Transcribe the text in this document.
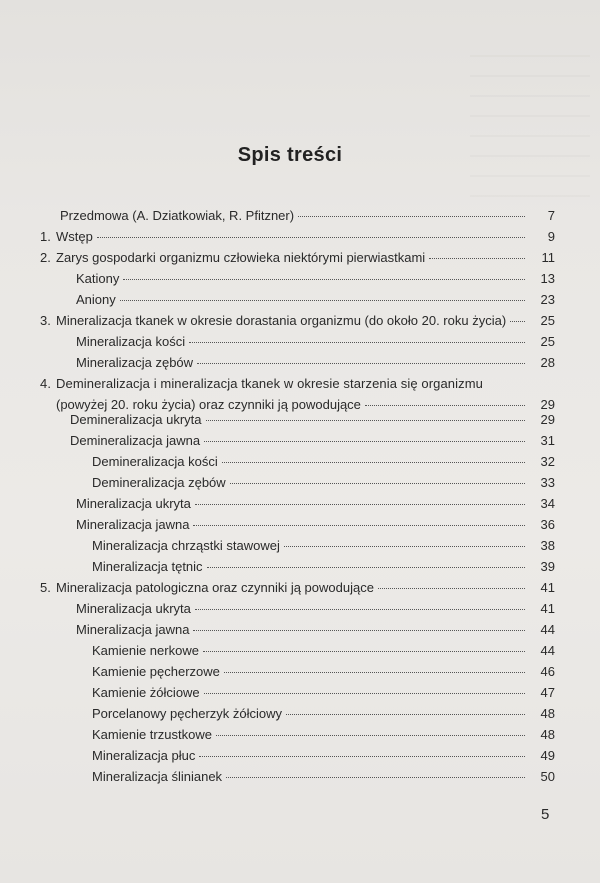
Spis treści
Przedmowa (A. Dziatkowiak, R. Pfitzner)	7
1. Wstęp	9
2. Zarys gospodarki organizmu człowieka niektórymi pierwiastkami	11
Kationy	13
Aniony	23
3. Mineralizacja tkanek w okresie dorastania organizmu (do około 20. roku życia)	25
Mineralizacja kości	25
Mineralizacja zębów	28
4. Demineralizacja i mineralizacja tkanek w okresie starzenia się organizmu
(powyżej 20. roku życia) oraz czynniki ją powodujące	29
Demineralizacja ukryta	29
Demineralizacja jawna	31
Demineralizacja kości	32
Demineralizacja zębów	33
Mineralizacja ukryta	34
Mineralizacja jawna	36
Mineralizacja chrząstki stawowej	38
Mineralizacja tętnic	39
5. Mineralizacja patologiczna oraz czynniki ją powodujące	41
Mineralizacja ukryta	41
Mineralizacja jawna	44
Kamienie nerkowe	44
Kamienie pęcherzowe	46
Kamienie żółciowe	47
Porcelanowy pęcherzyk żółciowy	48
Kamienie trzustkowe	48
Mineralizacja płuc	49
Mineralizacja ślinianek	50
5
